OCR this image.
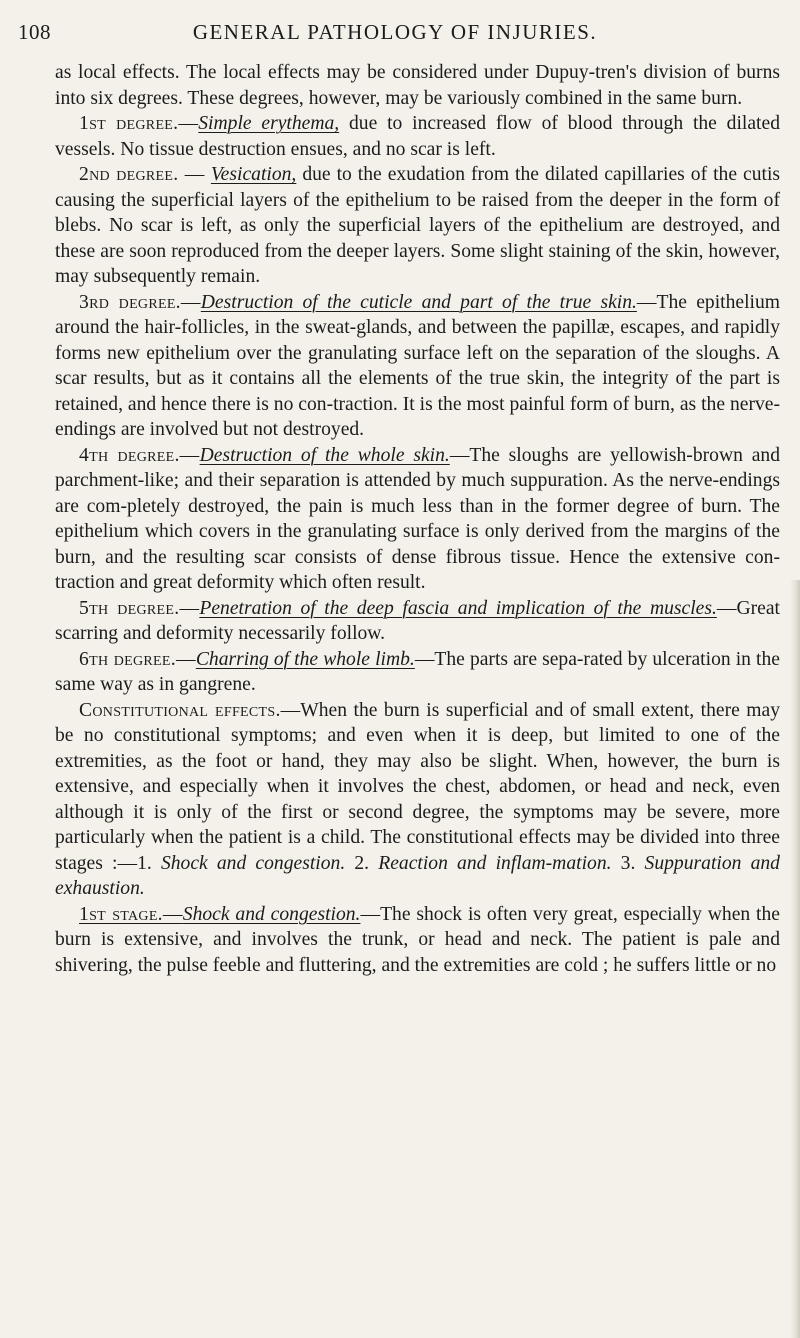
108	GENERAL PATHOLOGY OF INJURIES.

as local effects. The local effects may be considered under Dupuy-tren's division of burns into six degrees. These degrees, however, may be variously combined in the same burn.

1st degree.—Simple erythema, due to increased flow of blood through the dilated vessels. No tissue destruction ensues, and no scar is left.

2nd degree. — Vesication, due to the exudation from the dilated capillaries of the cutis causing the superficial layers of the epithelium to be raised from the deeper in the form of blebs. No scar is left, as only the superficial layers of the epithelium are destroyed, and these are soon reproduced from the deeper layers. Some slight staining of the skin, however, may subsequently remain.

3rd degree.—Destruction of the cuticle and part of the true skin.—The epithelium around the hair-follicles, in the sweat-glands, and between the papillæ, escapes, and rapidly forms new epithelium over the granulating surface left on the separation of the sloughs. A scar results, but as it contains all the elements of the true skin, the integrity of the part is retained, and hence there is no con-traction. It is the most painful form of burn, as the nerve-endings are involved but not destroyed.

4th degree.—Destruction of the whole skin.—The sloughs are yellowish-brown and parchment-like; and their separation is attended by much suppuration. As the nerve-endings are com-pletely destroyed, the pain is much less than in the former degree of burn. The epithelium which covers in the granulating surface is only derived from the margins of the burn, and the resulting scar consists of dense fibrous tissue. Hence the extensive con-traction and great deformity which often result.

5th degree.—Penetration of the deep fascia and implication of the muscles.—Great scarring and deformity necessarily follow.

6th degree.—Charring of the whole limb.—The parts are sepa-rated by ulceration in the same way as in gangrene.

Constitutional effects.—When the burn is superficial and of small extent, there may be no constitutional symptoms; and even when it is deep, but limited to one of the extremities, as the foot or hand, they may also be slight. When, however, the burn is extensive, and especially when it involves the chest, abdomen, or head and neck, even although it is only of the first or second degree, the symptoms may be severe, more particularly when the patient is a child. The constitutional effects may be divided into three stages :—1. Shock and congestion. 2. Reaction and inflam-mation. 3. Suppuration and exhaustion.

1st stage.—Shock and congestion.—The shock is often very great, especially when the burn is extensive, and involves the trunk, or head and neck. The patient is pale and shivering, the pulse feeble and fluttering, and the extremities are cold ; he suffers little or no
